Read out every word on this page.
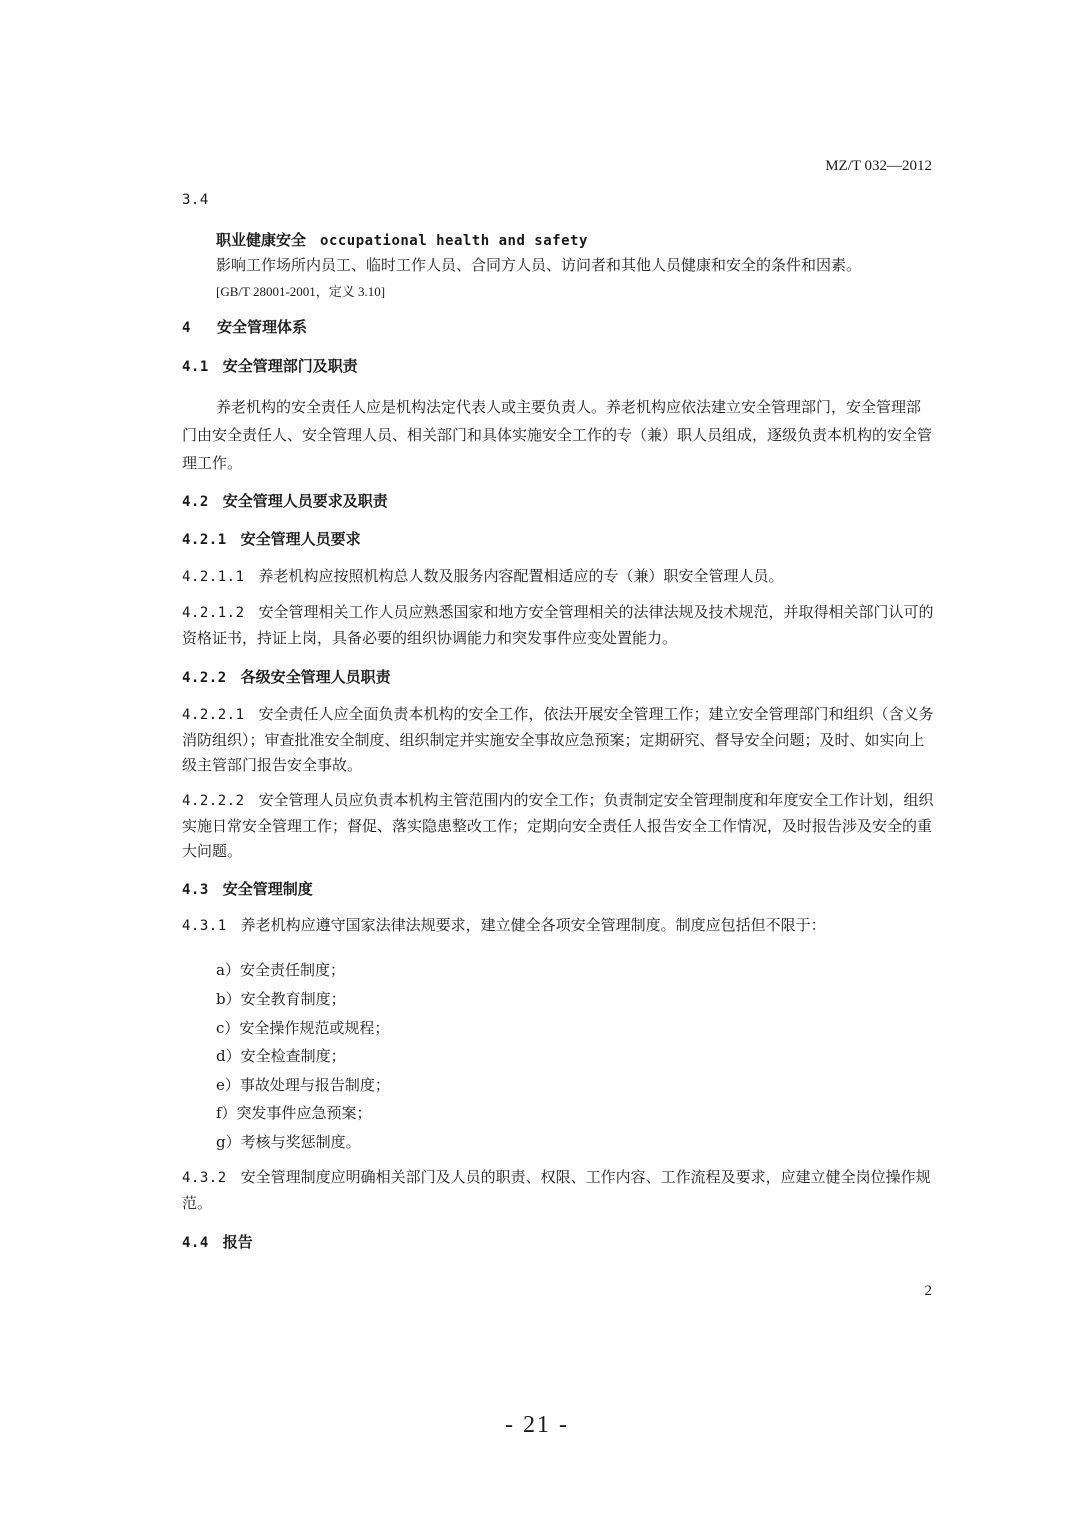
MZ/T 032—2012
3.4
职业健康安全 occupational health and safety
影响工作场所内员工、临时工作人员、合同方人员、访问者和其他人员健康和安全的条件和因素。
[GB/T 28001-2001，定义 3.10]
4 安全管理体系
4.1 安全管理部门及职责
养老机构的安全责任人应是机构法定代表人或主要负责人。养老机构应依法建立安全管理部门，安全管理部门由安全责任人、安全管理人员、相关部门和具体实施安全工作的专（兼）职人员组成，逐级负责本机构的安全管理工作。
4.2 安全管理人员要求及职责
4.2.1 安全管理人员要求
4.2.1.1 养老机构应按照机构总人数及服务内容配置相适应的专（兼）职安全管理人员。
4.2.1.2 安全管理相关工作人员应熟悉国家和地方安全管理相关的法律法规及技术规范，并取得相关部门认可的资格证书，持证上岗，具备必要的组织协调能力和突发事件应变处置能力。
4.2.2 各级安全管理人员职责
4.2.2.1 安全责任人应全面负责本机构的安全工作，依法开展安全管理工作；建立安全管理部门和组织（含义务消防组织）；审查批准安全制度、组织制定并实施安全事故应急预案；定期研究、督导安全问题；及时、如实向上级主管部门报告安全事故。
4.2.2.2 安全管理人员应负责本机构主管范围内的安全工作；负责制定安全管理制度和年度安全工作计划，组织实施日常安全管理工作；督促、落实隐患整改工作；定期向安全责任人报告安全工作情况，及时报告涉及安全的重大问题。
4.3 安全管理制度
4.3.1 养老机构应遵守国家法律法规要求，建立健全各项安全管理制度。制度应包括但不限于：
a）安全责任制度；
b）安全教育制度；
c）安全操作规范或规程；
d）安全检查制度；
e）事故处理与报告制度；
f）突发事件应急预案；
g）考核与奖惩制度。
4.3.2 安全管理制度应明确相关部门及人员的职责、权限、工作内容、工作流程及要求，应建立健全岗位操作规范。
4.4 报告
2
- 21 -
